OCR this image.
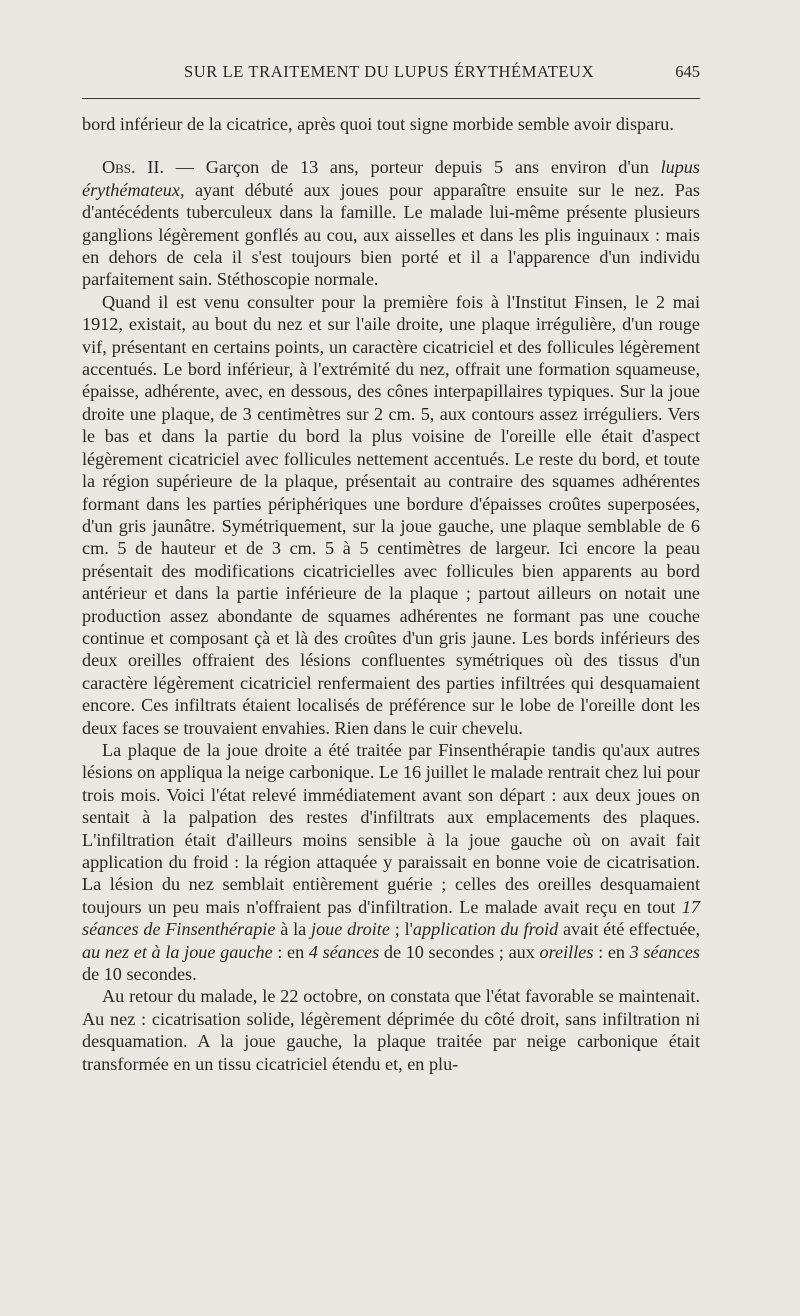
SUR LE TRAITEMENT DU LUPUS ÉRYTHÉMATEUX	645

bord inférieur de la cicatrice, après quoi tout signe morbide semble avoir disparu.

Obs. II. — Garçon de 13 ans, porteur depuis 5 ans environ d'un lupus érythémateux, ayant débuté aux joues pour apparaître ensuite sur le nez. Pas d'antécédents tuberculeux dans la famille. Le malade lui-même présente plusieurs ganglions légèrement gonflés au cou, aux aisselles et dans les plis inguinaux : mais en dehors de cela il s'est toujours bien porté et il a l'apparence d'un individu parfaitement sain. Stéthoscopie normale.

Quand il est venu consulter pour la première fois à l'Institut Finsen, le 2 mai 1912, existait, au bout du nez et sur l'aile droite, une plaque irrégulière, d'un rouge vif, présentant en certains points, un caractère cicatriciel et des follicules légèrement accentués. Le bord inférieur, à l'extrémité du nez, offrait une formation squameuse, épaisse, adhérente, avec, en dessous, des cônes interpapillaires typiques. Sur la joue droite une plaque, de 3 centimètres sur 2 cm. 5, aux contours assez irréguliers. Vers le bas et dans la partie du bord la plus voisine de l'oreille elle était d'aspect légèrement cicatriciel avec follicules nettement accentués. Le reste du bord, et toute la région supérieure de la plaque, présentait au contraire des squames adhérentes formant dans les parties périphériques une bordure d'épaisses croûtes superposées, d'un gris jaunâtre. Symétriquement, sur la joue gauche, une plaque semblable de 6 cm. 5 de hauteur et de 3 cm. 5 à 5 centimètres de largeur. Ici encore la peau présentait des modifications cicatricielles avec follicules bien apparents au bord antérieur et dans la partie inférieure de la plaque ; partout ailleurs on notait une production assez abondante de squames adhérentes ne formant pas une couche continue et composant çà et là des croûtes d'un gris jaune. Les bords inférieurs des deux oreilles offraient des lésions confluentes symétriques où des tissus d'un caractère légèrement cicatriciel renfermaient des parties infiltrées qui desquamaient encore. Ces infiltrats étaient localisés de préférence sur le lobe de l'oreille dont les deux faces se trouvaient envahies. Rien dans le cuir chevelu.

La plaque de la joue droite a été traitée par Finsenthérapie tandis qu'aux autres lésions on appliqua la neige carbonique. Le 16 juillet le malade rentrait chez lui pour trois mois. Voici l'état relevé immédiatement avant son départ : aux deux joues on sentait à la palpation des restes d'infiltrats aux emplacements des plaques. L'infiltration était d'ailleurs moins sensible à la joue gauche où on avait fait application du froid : la région attaquée y paraissait en bonne voie de cicatrisation. La lésion du nez semblait entièrement guérie ; celles des oreilles desquamaient toujours un peu mais n'offraient pas d'infiltration. Le malade avait reçu en tout 17 séances de Finsenthérapie à la joue droite ; l'application du froid avait été effectuée, au nez et à la joue gauche : en 4 séances de 10 secondes ; aux oreilles : en 3 séances de 10 secondes.

Au retour du malade, le 22 octobre, on constata que l'état favorable se maintenait. Au nez : cicatrisation solide, légèrement déprimée du côté droit, sans infiltration ni desquamation. A la joue gauche, la plaque traitée par neige carbonique était transformée en un tissu cicatriciel étendu et, en plu-
